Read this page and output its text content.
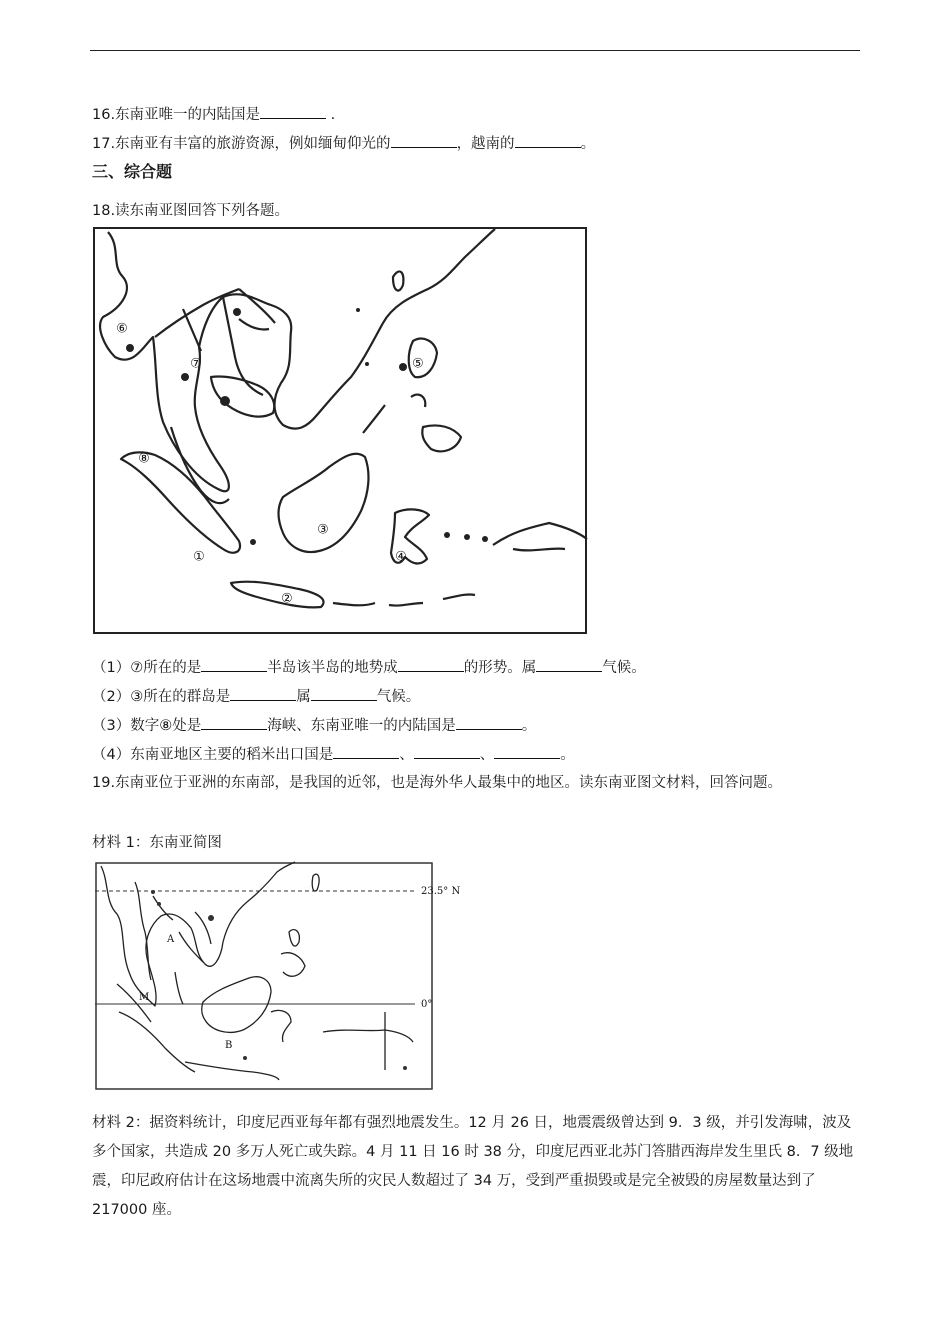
16.东南亚唯一的内陆国是	.
17.东南亚有丰富的旅游资源，例如缅甸仰光的	，越南的	。
三、综合题
18.读东南亚图回答下列各题。
①
②
③
④
⑤
⑥
⑦
⑧
（1）⑦所在的是	半岛该半岛的地势成	的形势。属	气候。
（2）③所在的群岛是	属	气候。
（3）数字⑧处是	海峡、东南亚唯一的内陆国是	。
（4）东南亚地区主要的稻米出口国是	、	、	。
19.东南亚位于亚洲的东南部，是我国的近邻，也是海外华人最集中的地区。读东南亚图文材料，回答问题。
材料 1：东南亚简图
23.5° N
0°
A
B
M
材料 2：据资料统计，印度尼西亚每年都有强烈地震发生。12 月 26 日，地震震级曾达到 9．3 级，并引发海啸，波及多个国家，共造成 20 多万人死亡或失踪。4 月 11 日 16 时 38 分，印度尼西亚北苏门答腊西海岸发生里氏 8．7 级地震，印尼政府估计在这场地震中流离失所的灾民人数超过了 34 万，受到严重损毁或是完全被毁的房屋数量达到了 217000 座。
